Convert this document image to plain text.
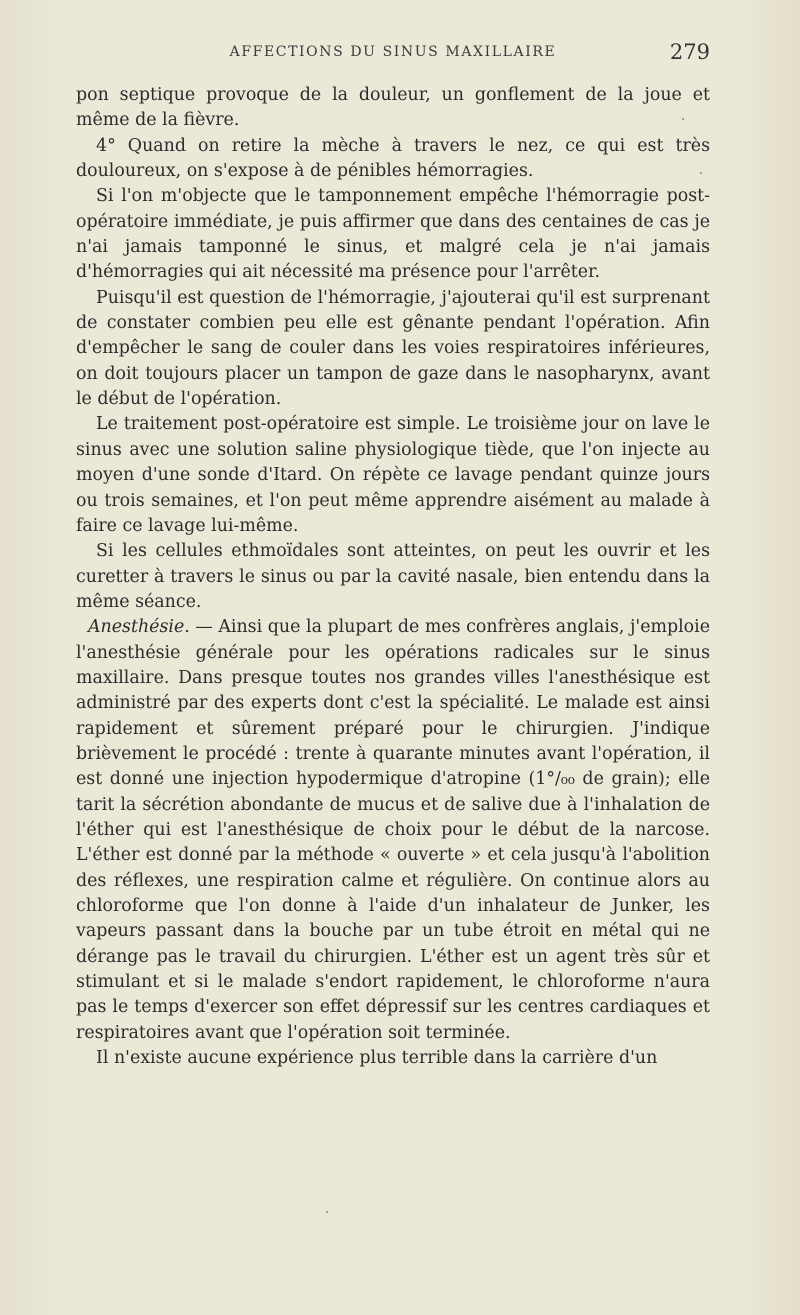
AFFECTIONS DU SINUS MAXILLAIRE	279

pon septique provoque de la douleur, un gonflement de la joue et même de la fièvre.

4° Quand on retire la mèche à travers le nez, ce qui est très douloureux, on s'expose à de pénibles hémorragies.

Si l'on m'objecte que le tamponnement empêche l'hémorragie post-opératoire immédiate, je puis affirmer que dans des centaines de cas je n'ai jamais tamponné le sinus, et malgré cela je n'ai jamais d'hémorragies qui ait nécessité ma présence pour l'arrêter.

Puisqu'il est question de l'hémorragie, j'ajouterai qu'il est surprenant de constater combien peu elle est gênante pendant l'opération. Afin d'empêcher le sang de couler dans les voies respiratoires inférieures, on doit toujours placer un tampon de gaze dans le nasopharynx, avant le début de l'opération.

Le traitement post-opératoire est simple. Le troisième jour on lave le sinus avec une solution saline physiologique tiède, que l'on injecte au moyen d'une sonde d'Itard. On répète ce lavage pendant quinze jours ou trois semaines, et l'on peut même apprendre aisément au malade à faire ce lavage lui-même.

Si les cellules ethmoïdales sont atteintes, on peut les ouvrir et les curetter à travers le sinus ou par la cavité nasale, bien entendu dans la même séance.

Anesthésie. — Ainsi que la plupart de mes confrères anglais, j'emploie l'anesthésie générale pour les opérations radicales sur le sinus maxillaire. Dans presque toutes nos grandes villes l'anesthésique est administré par des experts dont c'est la spécialité. Le malade est ainsi rapidement et sûrement préparé pour le chirurgien. J'indique brièvement le procédé : trente à quarante minutes avant l'opération, il est donné une injection hypodermique d'atropine (1°/₀₀ de grain); elle tarit la sécrétion abondante de mucus et de salive due à l'inhalation de l'éther qui est l'anesthésique de choix pour le début de la narcose. L'éther est donné par la méthode « ouverte » et cela jusqu'à l'abolition des réflexes, une respiration calme et régulière. On continue alors au chloroforme que l'on donne à l'aide d'un inhalateur de Junker, les vapeurs passant dans la bouche par un tube étroit en métal qui ne dérange pas le travail du chirurgien. L'éther est un agent très sûr et stimulant et si le malade s'endort rapidement, le chloroforme n'aura pas le temps d'exercer son effet dépressif sur les centres cardiaques et respiratoires avant que l'opération soit terminée.

Il n'existe aucune expérience plus terrible dans la carrière d'un
